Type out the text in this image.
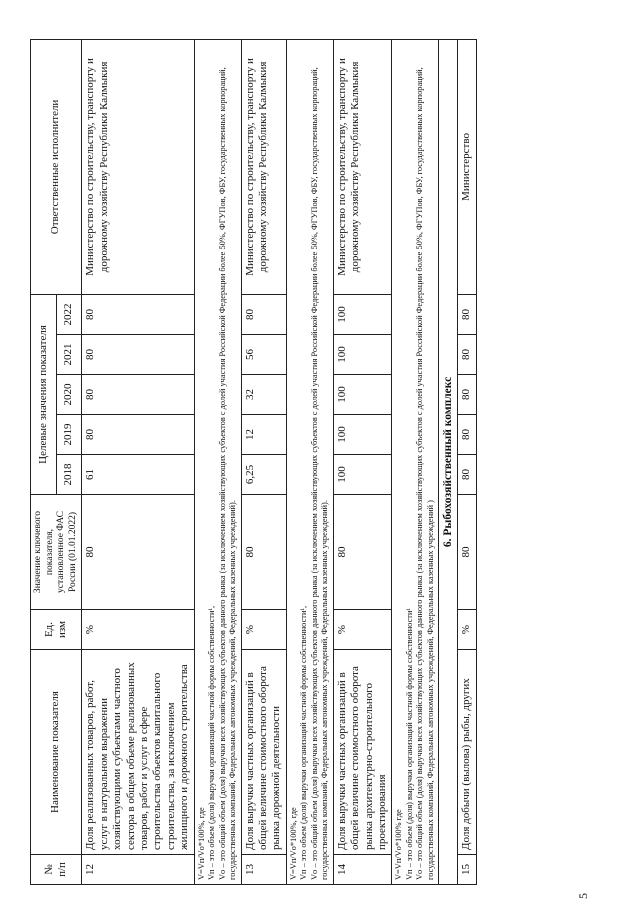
5
№ п/п	Наименование показателя	Ед. изм	Значение ключевого показателя, установленное ФАС России (01.01.2022)	Целевые значения показателя					Ответственные исполнители
				2018	2019	2020	2021	2022	
12	Доля реализованных товаров, работ, услуг в натуральном выражении хозяйствующими субъектами частного сектора в общем объеме реализованных товаров, работ и услуг в сфере строительства объектов капитального строительства, за исключением жилищного и дорожного строительства	%	80	61	80	80	80	80	Министерство по строительству, транспорту и дорожному хозяйству Республики Калмыкия

V=Vп/Vо*100%, где Vп – это объем (доля) выручки организаций частной формы собственности¹, Vо – это общий объем (доля) выручки всех хозяйствующих субъектов данного рынка (за исключением хозяйствующих субъектов с долей участия Российской Федерации более 50%, ФГУПов, ФБУ, государственных корпораций, государственных компаний, Федеральных автономных учреждений, Федеральных казенных учреждений).									

13	Доля выручки частных организаций в общей величине стоимостного оборота рынка дорожной деятельности	%	80	6,25	12	32	56	80	Министерство по строительству, транспорту и дорожному хозяйству Республики Калмыкия

V=Vп/Vо*100%, где Vп – это объем (доля) выручки организаций частной формы собственности¹, Vо – это общий объем (доля) выручки всех хозяйствующих субъектов данного рынка (за исключением хозяйствующих субъектов с долей участия Российской Федерации более 50%, ФГУПов, ФБУ, государственных корпораций, государственных компаний, Федеральных автономных учреждений, Федеральных казенных учреждений).									

14	Доля выручки частных организаций в общей величине стоимостного оборота рынка архитектурно-строительного проектирования	%	80	100	100	100	100	100	Министерство по строительству, транспорту и дорожному хозяйству Республики Калмыкия

V=Vп/Vо*100% где Vп – это объем (доля) выручки организаций частной формы собственности¹ Vо – это общий объем (доля) выручки всех хозяйствующих субъектов данного рынка (за исключением хозяйствующих субъектов с долей участия Российской Федерации более 50%, ФГУПов, ФБУ, государственных корпораций, государственных компаний, Федеральных автономных учреждений, Федеральных казенных учреждений )									

6. Рыбохозяйственный комплекс									
15	Доля добычи (вылова) рыбы, других	%	80	80	80	80	80	80	Министерство
